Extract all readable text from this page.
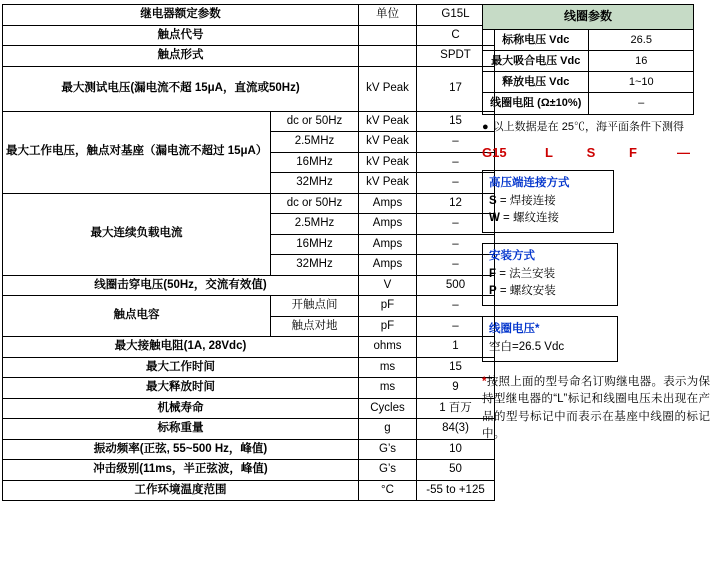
继电器额定参数		单位	G15L
触点代号			C
触点形式			SPDT
最大测试电压(漏电流不超 15μA，直流或50Hz)		kV Peak	17
最大工作电压，触点对基座（漏电流不超过 15μA）	dc or 50Hz	kV Peak	15
	2.5MHz	kV Peak	–
	16MHz	kV Peak	–
	32MHz	kV Peak	–
最大连续负载电流	dc or 50Hz	Amps	12
	2.5MHz	Amps	–
	16MHz	Amps	–
	32MHz	Amps	–
线圈击穿电压(50Hz，交流有效值)		V	500
触点电容	开触点间	pF	–
	触点对地	pF	–
最大接触电阻(1A, 28Vdc)		ohms	1
最大工作时间		ms	15
最大释放时间		ms	9
机械寿命		Cycles	1 百万
标称重量		g	84(3)
振动频率(正弦, 55~500 Hz，峰值)		G’s	10
冲击级别(11ms，半正弦波，峰值)		G’s	50
工作环境温度范围		°C	-55 to +125
线圈参数	
标称电压 Vdc	26.5
最大吸合电压 Vdc	16
释放电压 Vdc	1~10
线圈电阻 (Ω±10%)	–
● 以上数据是在 25℃，海平面条件下测得
G15	L	S	F	—
高压端连接方式
S = 焊接连接
W = 螺纹连接
安装方式
F = 法兰安装
P = 螺纹安装
线圈电压*
空白=26.5 Vdc
*按照上面的型号命名订购继电器。表示为保持型继电器的“L”标记和线圈电压未出现在产品的型号标记中而表示在基座中线圈的标记中。
